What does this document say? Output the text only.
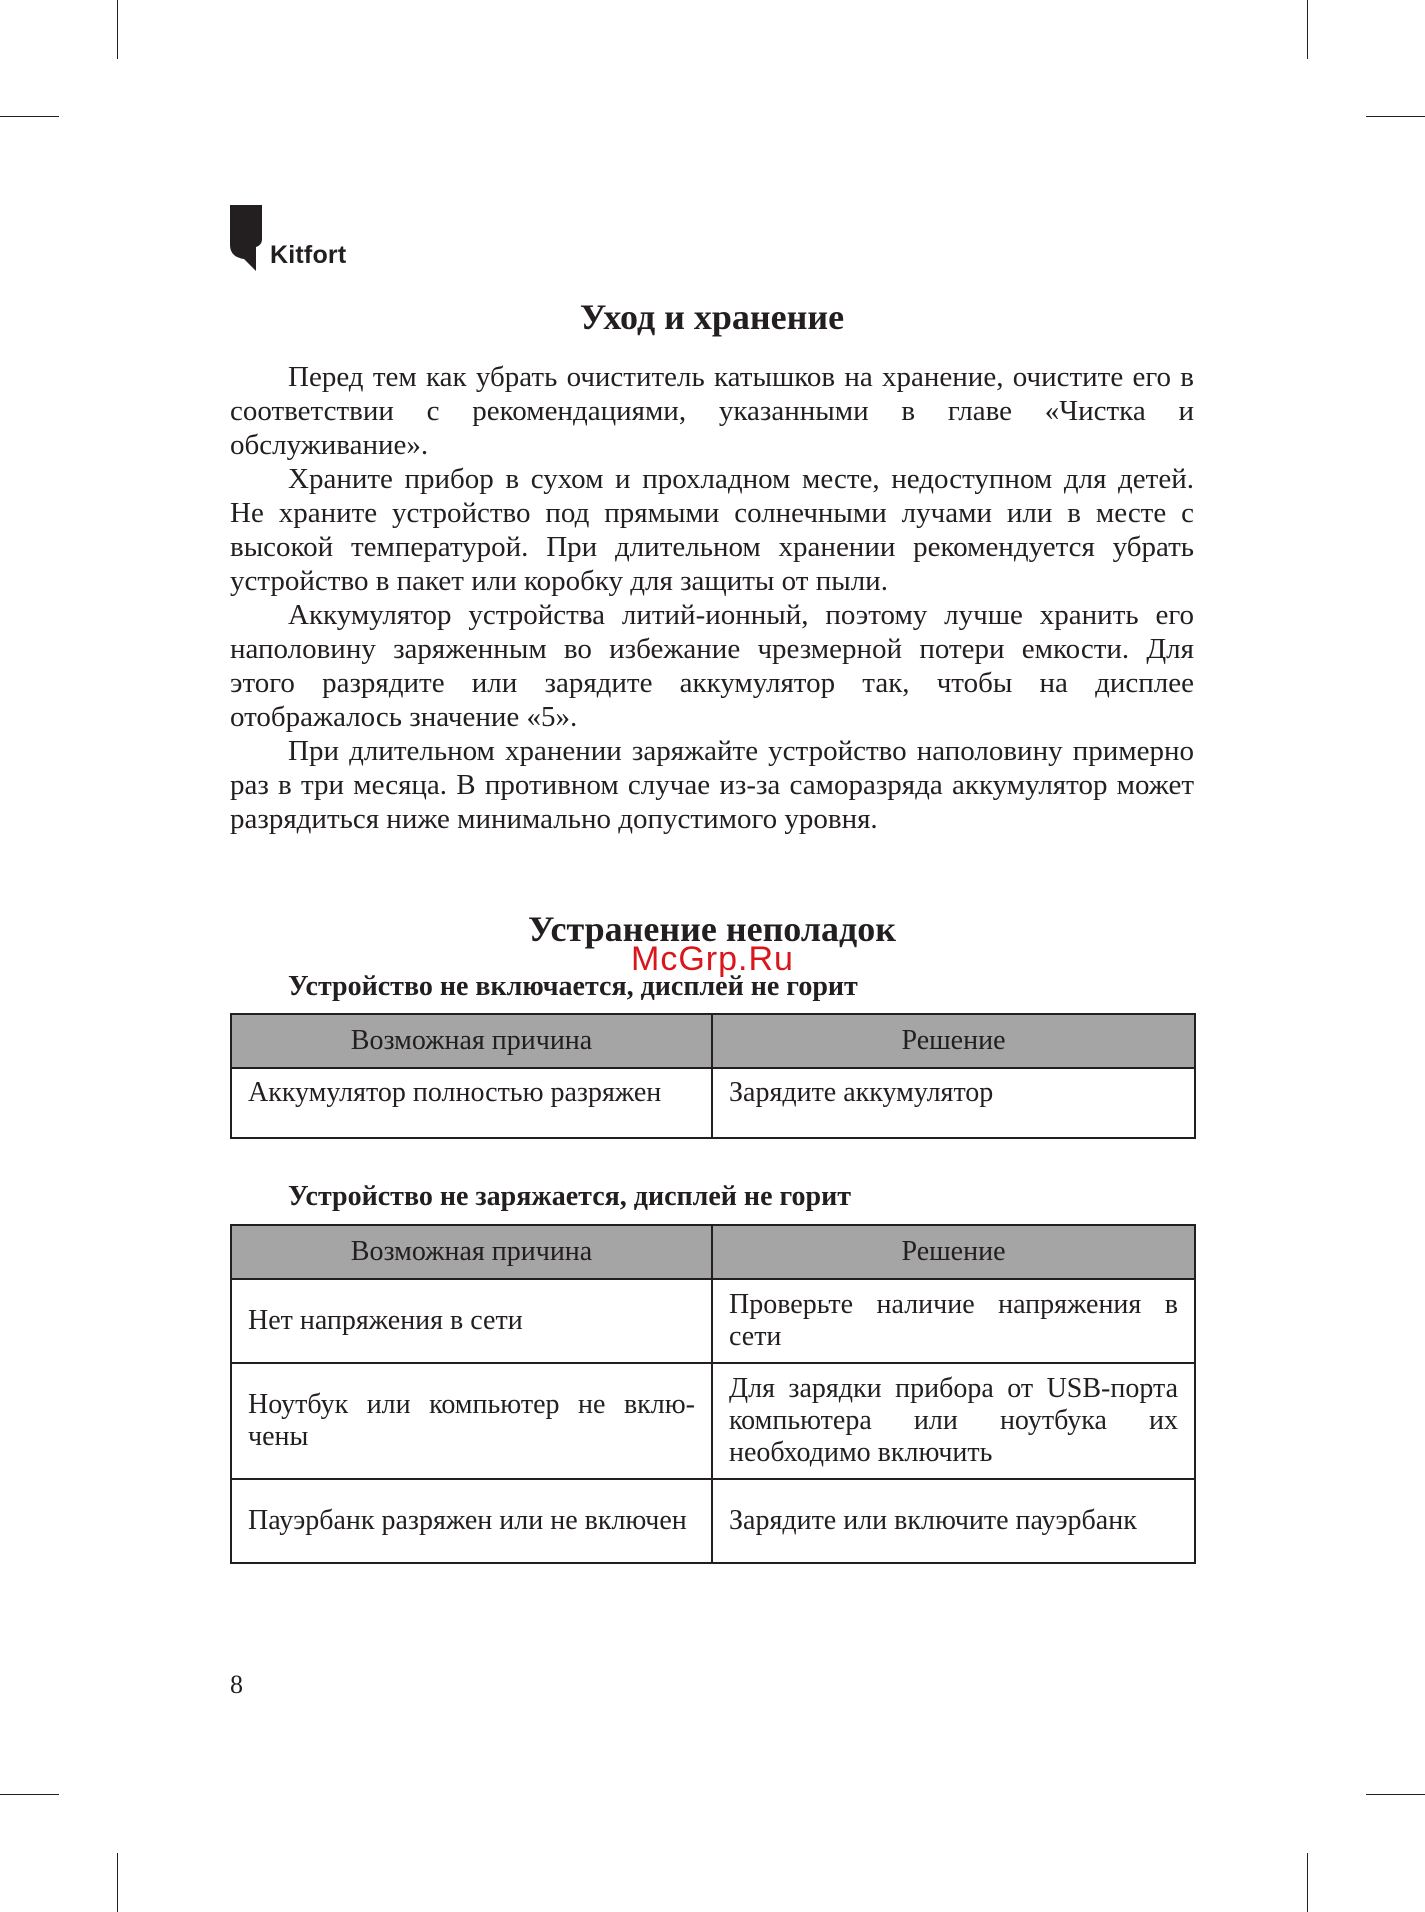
Kitfort
Уход и хранение

Перед тем как убрать очиститель катышков на хранение, очистите его в соответствии с рекомендациями, указанными в главе «Чистка и обслуживание».

Храните прибор в сухом и прохладном месте, недоступном для детей. Не храните устройство под прямыми солнечными лучами или в месте с высокой температурой. При длительном хранении рекомендуется убрать устройство в пакет или коробку для защиты от пыли.

Аккумулятор устройства литий-ионный, поэтому лучше хранить его наполовину заряженным во избежание чрезмерной потери емкости. Для этого разрядите или зарядите аккумулятор так, чтобы на дисплее отображалось значение «5».

При длительном хранении заряжайте устройство наполовину примерно раз в три месяца. В противном случае из-за саморазряда аккумулятор может разрядиться ниже минимально допустимого уровня.

Устранение неполадок
McGrp.Ru
Устройство не включается, дисплей не горит
Возможная причина	Решение
Аккумулятор полностью разряжен	Зарядите аккумулятор
Устройство не заряжается, дисплей не горит
Возможная причина	Решение
Нет напряжения в сети	Проверьте наличие напряжения в сети
Ноутбук или компьютер не включены	Для зарядки прибора от USB-порта компьютера или ноутбука их необходимо включить
Пауэрбанк разряжен или не включен	Зарядите или включите пауэрбанк
8
